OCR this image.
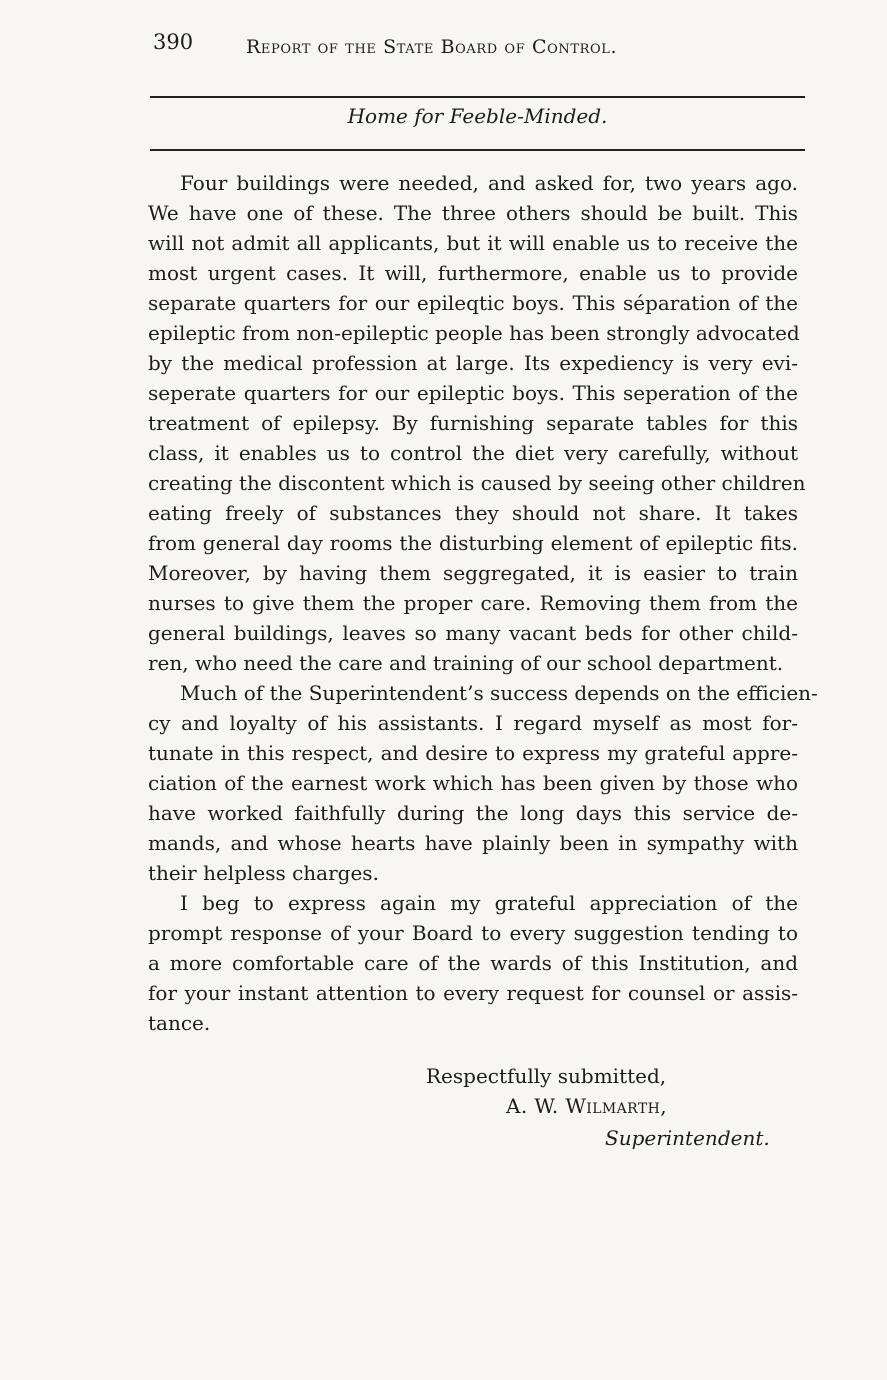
390	Report of the State Board of Control.
Home for Feeble-Minded.
Four buildings were needed, and asked for, two years ago.
We have one of these. The three others should be built. This
will not admit all applicants, but it will enable us to receive the
most urgent cases. It will, furthermore, enable us to provide
separate quarters for our epileqtic boys. This séparation of the
epileptic from non-epileptic people has been strongly advocated
by the medical profession at large. Its expediency is very evi-
seperate quarters for our epileptic boys. This seperation of the
treatment of epilepsy. By furnishing separate tables for this
class, it enables us to control the diet very carefully, without
creating the discontent which is caused by seeing other children
eating freely of substances they should not share. It takes
from general day rooms the disturbing element of epileptic fits.
Moreover, by having them seggregated, it is easier to train
nurses to give them the proper care. Removing them from the
general buildings, leaves so many vacant beds for other child-
ren, who need the care and training of our school department.
Much of the Superintendent’s success depends on the efficien-
cy and loyalty of his assistants. I regard myself as most for-
tunate in this respect, and desire to express my grateful appre-
ciation of the earnest work which has been given by those who
have worked faithfully during the long days this service de-
mands, and whose hearts have plainly been in sympathy with
their helpless charges.
I beg to express again my grateful appreciation of the
prompt response of your Board to every suggestion tending to
a more comfortable care of the wards of this Institution, and
for your instant attention to every request for counsel or assis-
tance.
Respectfully submitted,
A. W. Wilmarth,
Superintendent.
